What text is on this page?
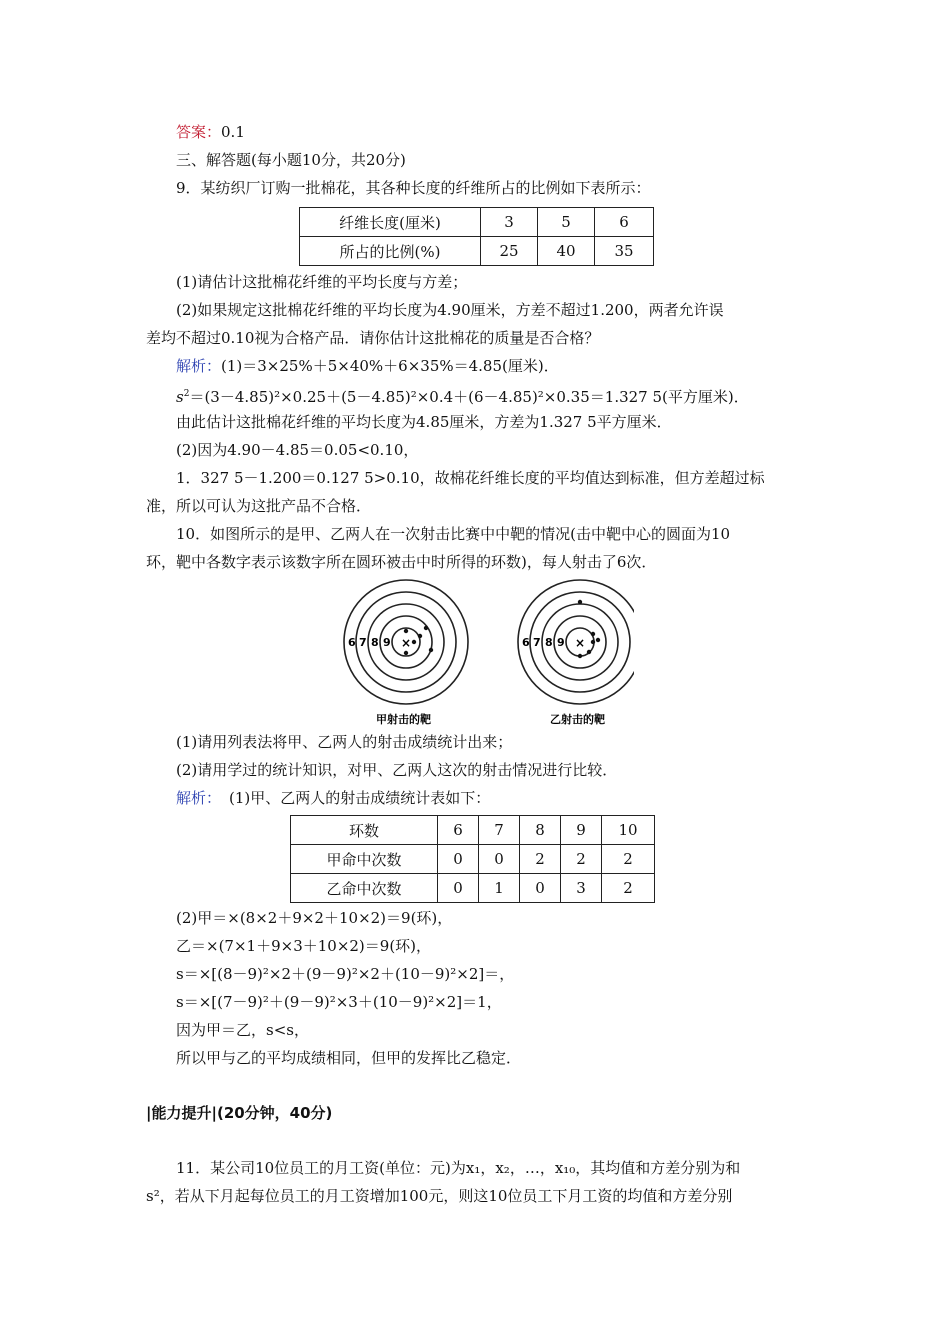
答案：0.1
三、解答题(每小题10分，共20分)
9．某纺织厂订购一批棉花，其各种长度的纤维所占的比例如下表所示：
纤维长度(厘米)	3	5	6
所占的比例(%)	25	40	35
(1)请估计这批棉花纤维的平均长度与方差；
(2)如果规定这批棉花纤维的平均长度为4.90厘米，方差不超过1.200，两者允许误
差均不超过0.10视为合格产品．请你估计这批棉花的质量是否合格？
解析：(1)＝3×25%＋5×40%＋6×35%＝4.85(厘米)．
$s^2=(3-4.85)^2\times 0.25+(5-4.85)^2\times 0.4+(6-4.85)^2\times 0.35=1.327$ 5(平方厘米)．
由此估计这批棉花纤维的平均长度为4.85厘米，方差为1.327 5平方厘米．
(2)因为4.90－4.85＝0.05<0.10，
1．327 5－1.200＝0.127 5>0.10，故棉花纤维长度的平均值达到标准，但方差超过标
准，所以可认为这批产品不合格．
10．如图所示的是甲、乙两人在一次射击比赛中中靶的情况(击中靶中心的圆面为10
环，靶中各数字表示该数字所在圆环被击中时所得的环数)，每人射击了6次．
6 7 8 9 ×
甲射击的靶
6 7 8 9 ×
乙射击的靶
(1)请用列表法将甲、乙两人的射击成绩统计出来；
(2)请用学过的统计知识，对甲、乙两人这次的射击情况进行比较．
解析： (1)甲、乙两人的射击成绩统计表如下：
环数	6	7	8	9	10
甲命中次数	0	0	2	2	2
乙命中次数	0	1	0	3	2
(2)甲＝×(8×2＋9×2＋10×2)＝9(环)，
乙＝×(7×1＋9×3＋10×2)＝9(环)，
s＝×[(8－9)²×2＋(9－9)²×2＋(10－9)²×2]＝，
s＝×[(7－9)²＋(9－9)²×3＋(10－9)²×2]＝1，
因为甲＝乙，s<s，
所以甲与乙的平均成绩相同，但甲的发挥比乙稳定．
|能力提升|(20分钟，40分)
11．某公司10位员工的月工资(单位：元)为x₁，x₂，…，x₁₀，其均值和方差分别为和
s²，若从下月起每位员工的月工资增加100元，则这10位员工下月工资的均值和方差分别
